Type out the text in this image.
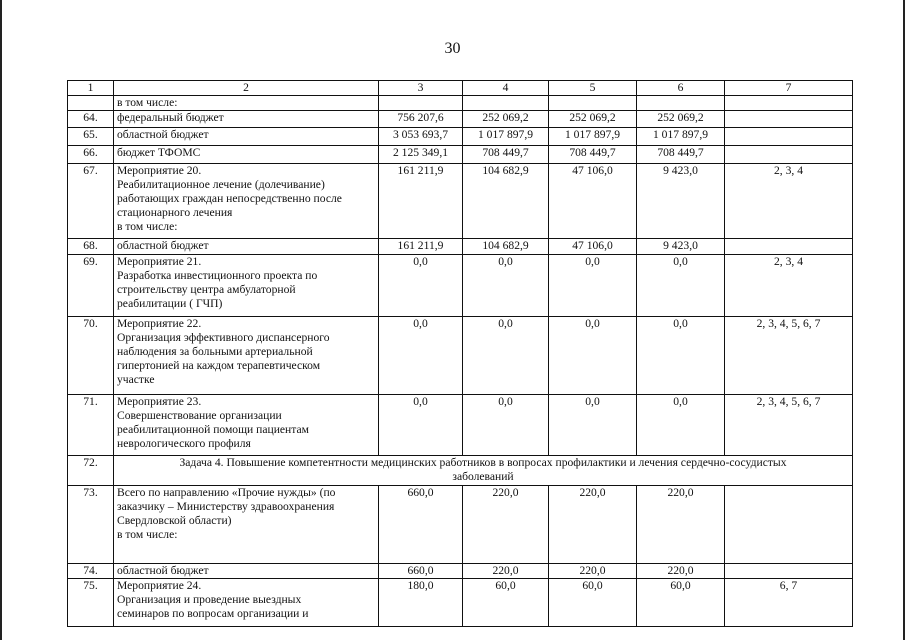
30
1	2	3	4	5	6	7

	в том числе:					

64.	федеральный бюджет	756 207,6	252 069,2	252 069,2	252 069,2	
65.	областной бюджет	3 053 693,7	1 017 897,9	1 017 897,9	1 017 897,9	
66.	бюджет ТФОМС	2 125 349,1	708 449,7	708 449,7	708 449,7	
67.	Мероприятие 20.
Реабилитационное лечение (долечивание)
работающих граждан непосредственно после
стационарного лечения
в том числе:	161 211,9	104 682,9	47 106,0	9 423,0	2, 3, 4
68.	областной бюджет	161 211,9	104 682,9	47 106,0	9 423,0	
69.	Мероприятие 21.
Разработка инвестиционного проекта по
строительству центра амбулаторной
реабилитации ( ГЧП)	0,0	0,0	0,0	0,0	2, 3, 4
70.	Мероприятие 22.
Организация эффективного диспансерного
наблюдения за больными артериальной
гипертонией на каждом терапевтическом
участке	0,0	0,0	0,0	0,0	2, 3, 4, 5, 6, 7
71.	Мероприятие 23.
Совершенствование организации
реабилитационной помощи пациентам
неврологического профиля	0,0	0,0	0,0	0,0	2, 3, 4, 5, 6, 7
72.	Задача 4. Повышение компетентности медицинских работников в вопросах профилактики и лечения сердечно-сосудистых
заболеваний					

73.	Всего по направлению «Прочие нужды» (по
заказчику – Министерству здравоохранения
Свердловской области)
в том числе:	660,0	220,0	220,0	220,0	
74.	областной бюджет	660,0	220,0	220,0	220,0	
75.	Мероприятие 24.
Организация и проведение выездных
семинаров по вопросам организации и	180,0	60,0	60,0	60,0	6, 7
